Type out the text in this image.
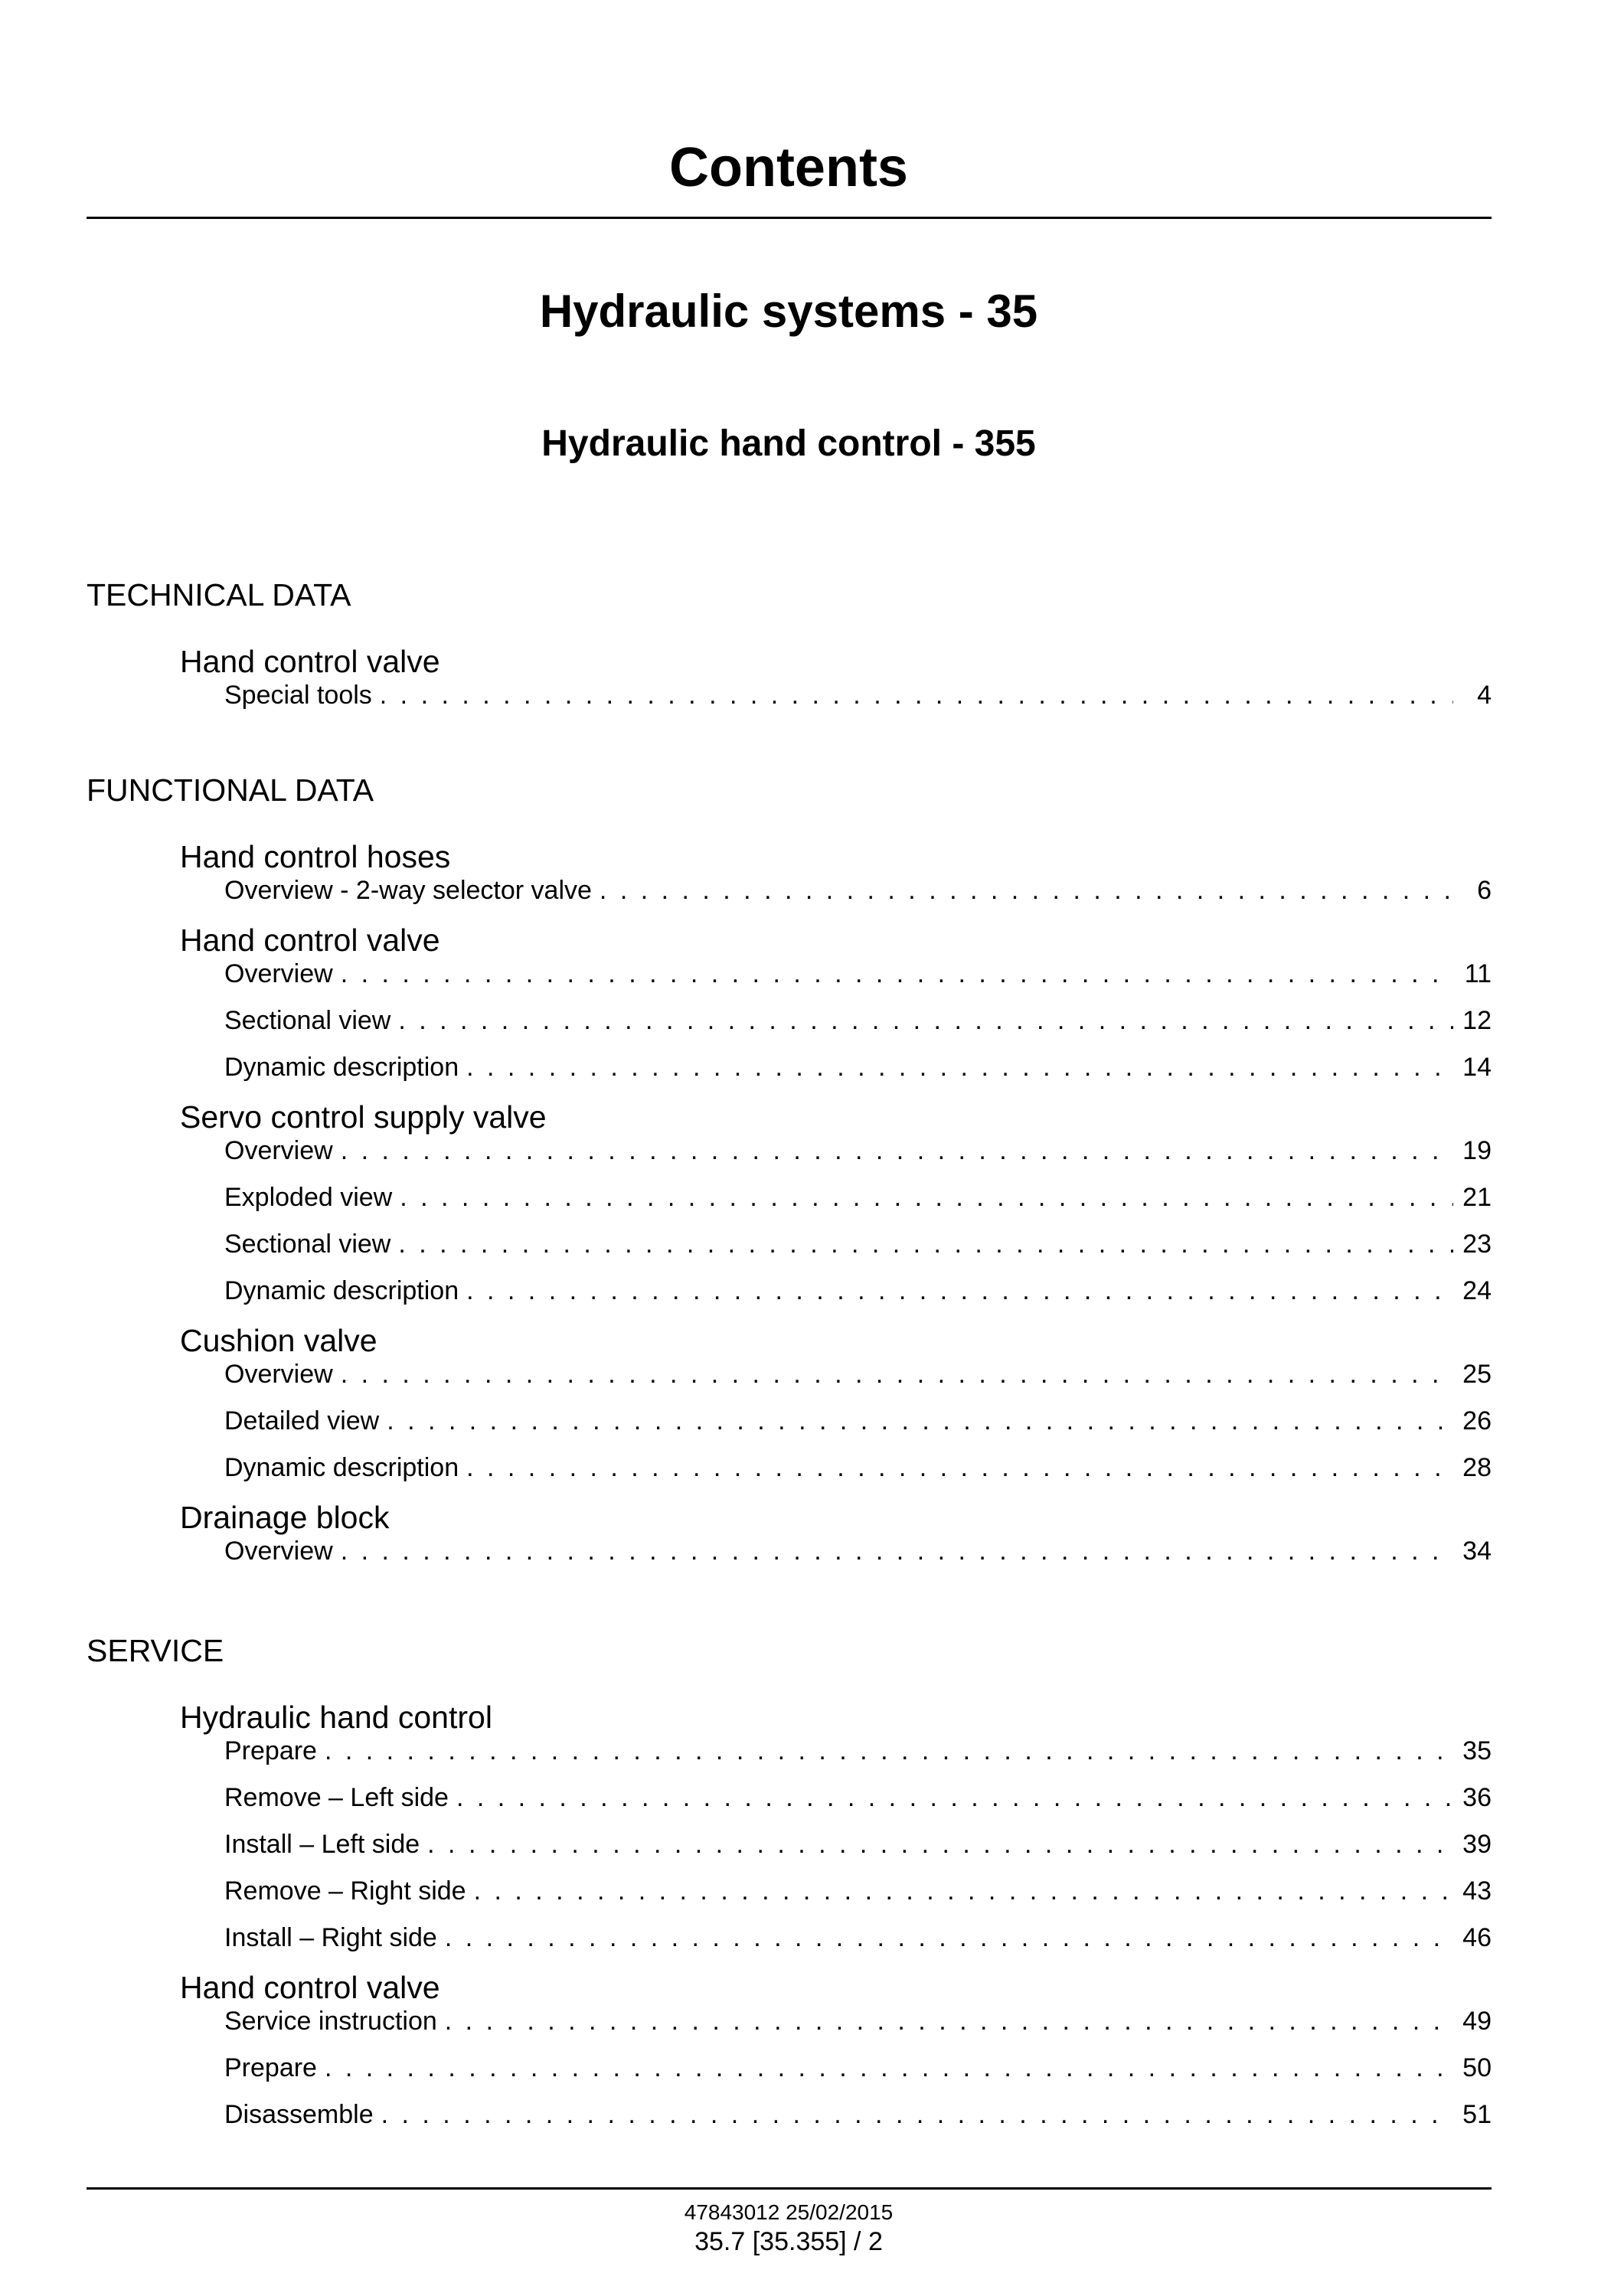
Contents
Hydraulic systems - 35
Hydraulic hand control - 355

TECHNICAL DATA

Hand control valve

Special tools . . .	4

FUNCTIONAL DATA

Hand control hoses

Overview - 2-way selector valve . . .	6

Hand control valve

Overview . . .	11
Sectional view . . .	12
Dynamic description . . .	14

Servo control supply valve

Overview . . .	19
Exploded view . . .	21
Sectional view . . .	23
Dynamic description . . .	24

Cushion valve

Overview . . .	25
Detailed view . . .	26
Dynamic description . . .	28

Drainage block

Overview . . .	34

SERVICE

Hydraulic hand control

Prepare . . .	35
Remove – Left side . . .	36
Install – Left side . . .	39
Remove – Right side . . .	43
Install – Right side . . .	46

Hand control valve

Service instruction . . .	49
Prepare . . .	50
Disassemble . . .	51

47843012 25/02/2015

35.7 [35.355] / 2
